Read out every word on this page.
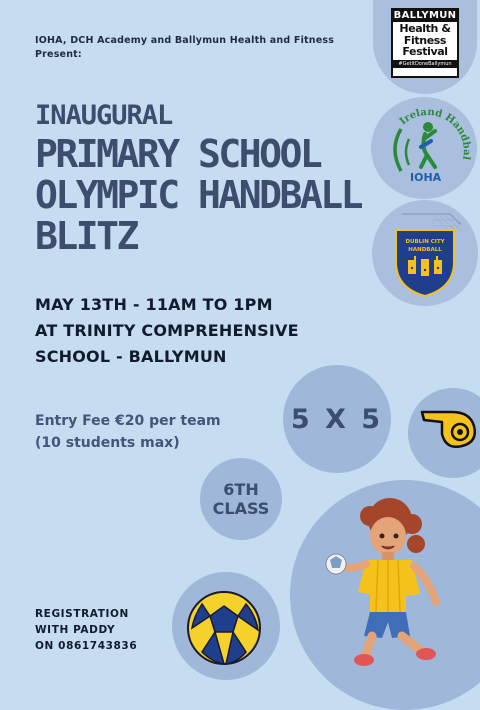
IOHA, DCH Academy and Ballymun Health and Fitness
Present:
INAUGURAL
PRIMARY SCHOOL
OLYMPIC HANDBALL
BLITZ
MAY 13TH - 11AM TO 1PM
AT TRINITY COMPREHENSIVE
SCHOOL - BALLYMUN
Entry Fee €20 per team
(10 students max)
REGISTRATION
WITH PADDY
ON 0861743836
BALLYMUN
Health &
Fitness
Festival
#GetItDoneBallymun
Ireland Handbal
IOHA
DUBLIN CITY
HANDBALL
5 X 5
6TH
CLASS
